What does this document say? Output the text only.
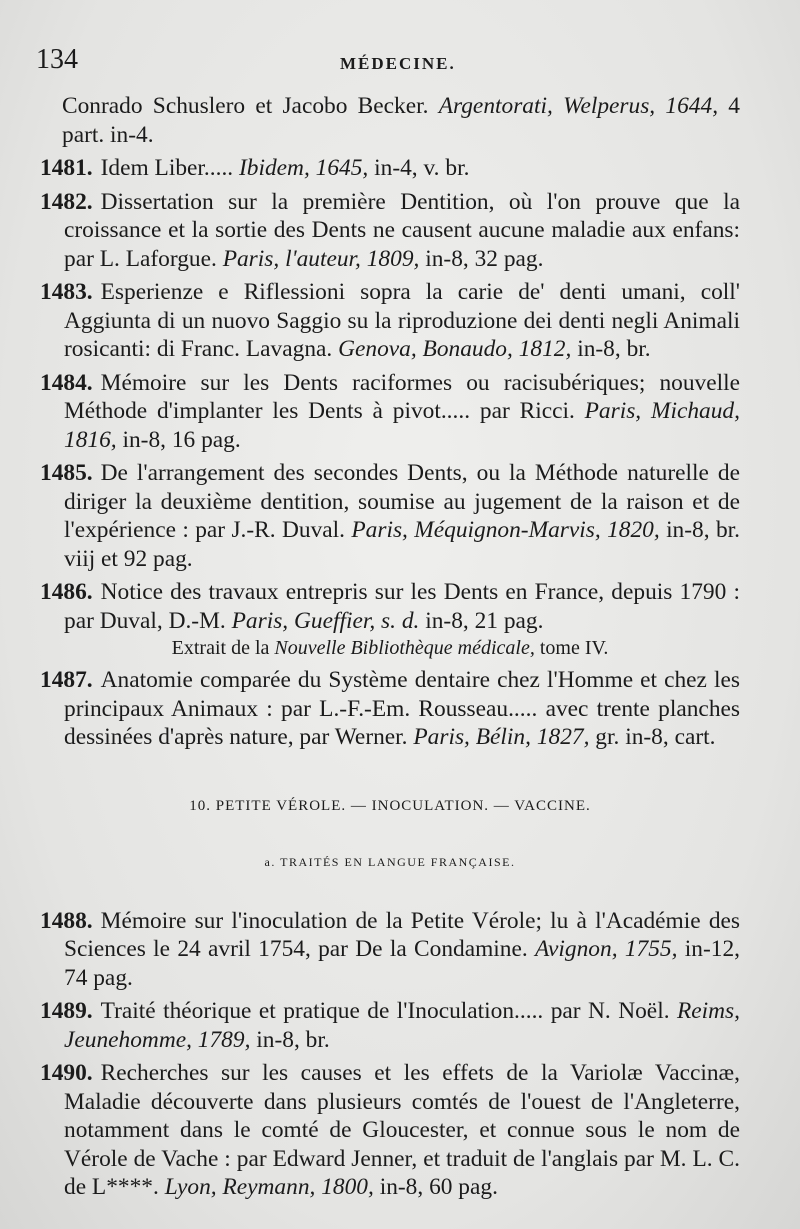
134	MÉDECINE.

Conrado Schuslero et Jacobo Becker. Argentorati, Welperus, 1644, 4 part. in-4.

1481. Idem Liber..... Ibidem, 1645, in-4, v. br.

1482. Dissertation sur la première Dentition, où l'on prouve que la croissance et la sortie des Dents ne causent aucune maladie aux enfans: par L. Laforgue. Paris, l'auteur, 1809, in-8, 32 pag.

1483. Esperienze e Riflessioni sopra la carie de' denti umani, coll' Aggiunta di un nuovo Saggio su la riproduzione dei denti negli Animali rosicanti: di Franc. Lavagna. Genova, Bonaudo, 1812, in-8, br.

1484. Mémoire sur les Dents raciformes ou racisubériques; nouvelle Méthode d'implanter les Dents à pivot..... par Ricci. Paris, Michaud, 1816, in-8, 16 pag.

1485. De l'arrangement des secondes Dents, ou la Méthode naturelle de diriger la deuxième dentition, soumise au jugement de la raison et de l'expérience : par J.-R. Duval. Paris, Méquignon-Marvis, 1820, in-8, br. viij et 92 pag.

1486. Notice des travaux entrepris sur les Dents en France, depuis 1790 : par Duval, D.-M. Paris, Gueffier, s. d. in-8, 21 pag.

Extrait de la Nouvelle Bibliothèque médicale, tome IV.

1487. Anatomie comparée du Système dentaire chez l'Homme et chez les principaux Animaux : par L.-F.-Em. Rousseau..... avec trente planches dessinées d'après nature, par Werner. Paris, Bélin, 1827, gr. in-8, cart.

10. PETITE VÉROLE. — INOCULATION. — VACCINE.
a. TRAITÉS EN LANGUE FRANÇAISE.

1488. Mémoire sur l'inoculation de la Petite Vérole; lu à l'Académie des Sciences le 24 avril 1754, par De la Condamine. Avignon, 1755, in-12, 74 pag.

1489. Traité théorique et pratique de l'Inoculation..... par N. Noël. Reims, Jeunehomme, 1789, in-8, br.

1490. Recherches sur les causes et les effets de la Variolæ Vaccinæ, Maladie découverte dans plusieurs comtés de l'ouest de l'Angleterre, notamment dans le comté de Gloucester, et connue sous le nom de Vérole de Vache : par Edward Jenner, et traduit de l'anglais par M. L. C. de L****. Lyon, Reymann, 1800, in-8, 60 pag.
